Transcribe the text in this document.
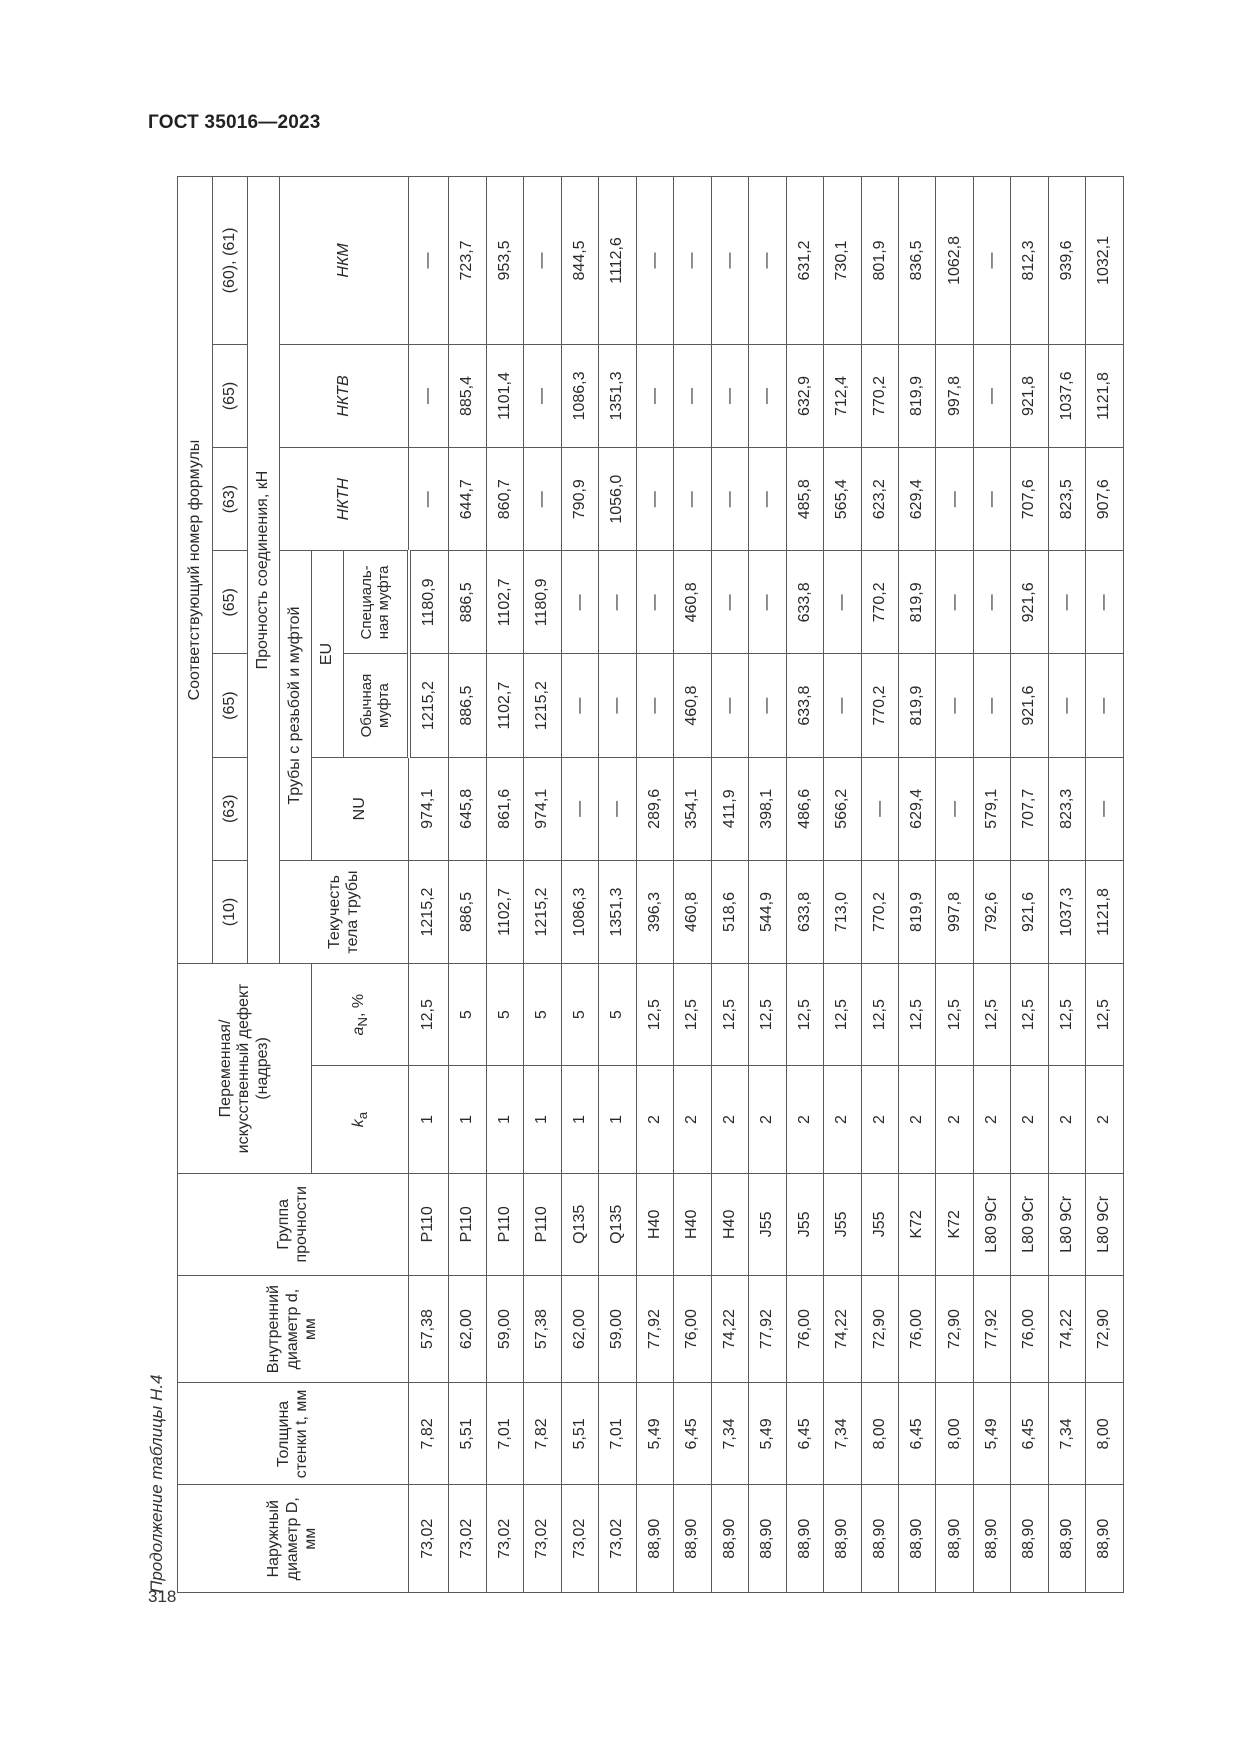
ГОСТ 35016—2023
318
Продолжение таблицы Н.4	Наружный диаметр D, мм	Толщина стенки t, мм	Внутренний диаметр d, мм	Группа прочности	Переменная/ искусственный дефект (надрез)		Соответствующий номер формулы						
						(10)	(63)	(65)	(65)	(63)	(65)	(60), (61)
						Прочность соединения, кН						
						Текучесть тела трубы	Трубы с резьбой и муфтой			НКТН	НКТВ	НКМ
				$k_a$	$a_N$, %		NU	EU				
								Обычная муфта	Специаль-ная муфта			
73,02	7,82	57,38	P110	1	12,5	1215,2	974,1	1215,2	1180,9	—	—	—
73,02	5,51	62,00	P110	1	5	886,5	645,8	886,5	886,5	644,7	885,4	723,7
73,02	7,01	59,00	P110	1	5	1102,7	861,6	1102,7	1102,7	860,7	1101,4	953,5
73,02	7,82	57,38	P110	1	5	1215,2	974,1	1215,2	1180,9	—	—	—
73,02	5,51	62,00	Q135	1	5	1086,3	—	—	—	790,9	1086,3	844,5
73,02	7,01	59,00	Q135	1	5	1351,3	—	—	—	1056,0	1351,3	1112,6
88,90	5,49	77,92	H40	2	12,5	396,3	289,6	—	—	—	—	—
88,90	6,45	76,00	H40	2	12,5	460,8	354,1	460,8	460,8	—	—	—
88,90	7,34	74,22	H40	2	12,5	518,6	411,9	—	—	—	—	—
88,90	5,49	77,92	J55	2	12,5	544,9	398,1	—	—	—	—	—
88,90	6,45	76,00	J55	2	12,5	633,8	486,6	633,8	633,8	485,8	632,9	631,2
88,90	7,34	74,22	J55	2	12,5	713,0	566,2	—	—	565,4	712,4	730,1
88,90	8,00	72,90	J55	2	12,5	770,2	—	770,2	770,2	623,2	770,2	801,9
88,90	6,45	76,00	K72	2	12,5	819,9	629,4	819,9	819,9	629,4	819,9	836,5
88,90	8,00	72,90	K72	2	12,5	997,8	—	—	—	—	997,8	1062,8
88,90	5,49	77,92	L80 9Cr	2	12,5	792,6	579,1	—	—	—	—	—
88,90	6,45	76,00	L80 9Cr	2	12,5	921,6	707,7	921,6	921,6	707,6	921,8	812,3
88,90	7,34	74,22	L80 9Cr	2	12,5	1037,3	823,3	—	—	823,5	1037,6	939,6
88,90	8,00	72,90	L80 9Cr	2	12,5	1121,8	—	—	—	907,6	1121,8	1032,1
